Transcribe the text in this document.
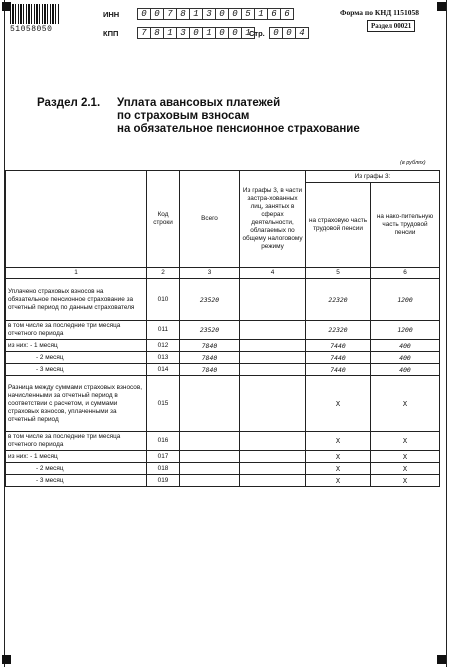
51058050
ИНН	0 0 7 8 1 3 0 0 5 1 6 6
КПП	7 8 1 3 0 1 0 0 1
Стр. 0 0 4
Форма по КНД 1151058
Раздел 00021
Раздел 2.1. Уплата авансовых платежей
по страховым взносам
на обязательное пенсионное страхование
(в рублях)
	Код строки	Всего	Из графы 3, в части застра-хованных лиц, занятых в сферах деятельности, облагаемых по общему налоговому режиму	Из графы 3:	
				на страховую часть трудовой пенсии	на нако-пительную часть трудовой пенсии
1	2	3	4	5	6
Уплачено страховых взносов на обязательное пенсионное страхование за отчетный период по данным страхователя	010	23520		22320	1200
в том числе за последние три месяца отчетного периода	011	23520		22320	1200
из них: - 1 месяц	012	7840		7440	400
- 2 месяц	013	7840		7440	400
- 3 месяц	014	7840		7440	400
Разница между суммами страховых взносов, начисленными за отчетный период в соответствии с расчетом, и суммами страховых взносов, уплаченными за отчетный период	015			X	X
в том числе за последние три месяца отчетного периода	016			X	X
из них: - 1 месяц	017			X	X
- 2 месяц	018			X	X
- 3 месяц	019			X	X
